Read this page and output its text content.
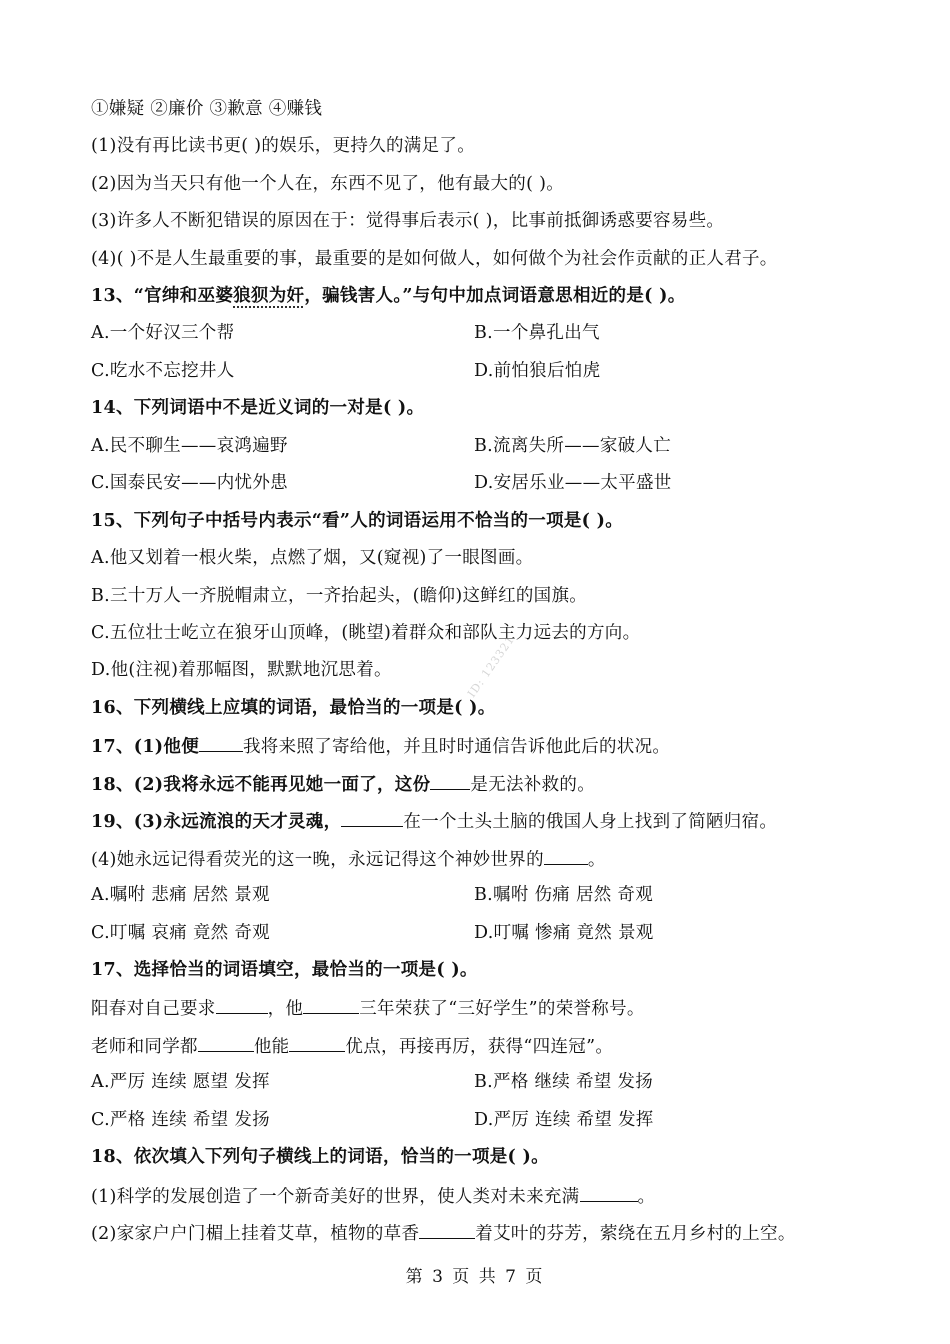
ID: 123321
①嫌疑 ②廉价 ③歉意 ④赚钱
(1)没有再比读书更( )的娱乐，更持久的满足了。
(2)因为当天只有他一个人在，东西不见了，他有最大的( )。
(3)许多人不断犯错误的原因在于：觉得事后表示( )，比事前抵御诱惑要容易些。
(4)( )不是人生最重要的事，最重要的是如何做人，如何做个为社会作贡献的正人君子。
13、“官绅和巫婆狼狈为奸，骗钱害人。”与句中加点词语意思相近的是( )。
A.一个好汉三个帮	B.一个鼻孔出气
C.吃水不忘挖井人	D.前怕狼后怕虎
14、下列词语中不是近义词的一对是( )。
A.民不聊生——哀鸿遍野	B.流离失所——家破人亡
C.国泰民安——内忧外患	D.安居乐业——太平盛世
15、下列句子中括号内表示“看”人的词语运用不恰当的一项是( )。
A.他又划着一根火柴，点燃了烟，又(窥视)了一眼图画。
B.三十万人一齐脱帽肃立，一齐抬起头，(瞻仰)这鲜红的国旗。
C.五位壮士屹立在狼牙山顶峰，(眺望)着群众和部队主力远去的方向。
D.他(注视)着那幅图，默默地沉思着。
16、下列横线上应填的词语，最恰当的一项是( )。
17、(1)他便	我将来照了寄给他，并且时时通信告诉他此后的状况。
18、(2)我将永远不能再见她一面了，这份 是无法补救的。
19、(3)永远流浪的天才灵魂，	在一个土头土脑的俄国人身上找到了简陋归宿。
(4)她永远记得看荧光的这一晚，永远记得这个神妙世界的	。
A.嘱咐 悲痛 居然 景观	B.嘱咐 伤痛 居然 奇观
C.叮嘱 哀痛 竟然 奇观	D.叮嘱 惨痛 竟然 景观
17、选择恰当的词语填空，最恰当的一项是( )。
阳春对自己要求	，他	三年荣获了“三好学生”的荣誉称号。
老师和同学都	他能	优点，再接再厉，获得“四连冠”。
A.严厉 连续 愿望 发挥	B.严格 继续 希望 发扬
C.严格 连续 希望 发扬	D.严厉 连续 希望 发挥
18、依次填入下列句子横线上的词语，恰当的一项是( )。
(1)科学的发展创造了一个新奇美好的世界，使人类对未来充满	。
(2)家家户户门楣上挂着艾草，植物的草香	着艾叶的芬芳，萦绕在五月乡村的上空。
第 3 页 共 7 页
